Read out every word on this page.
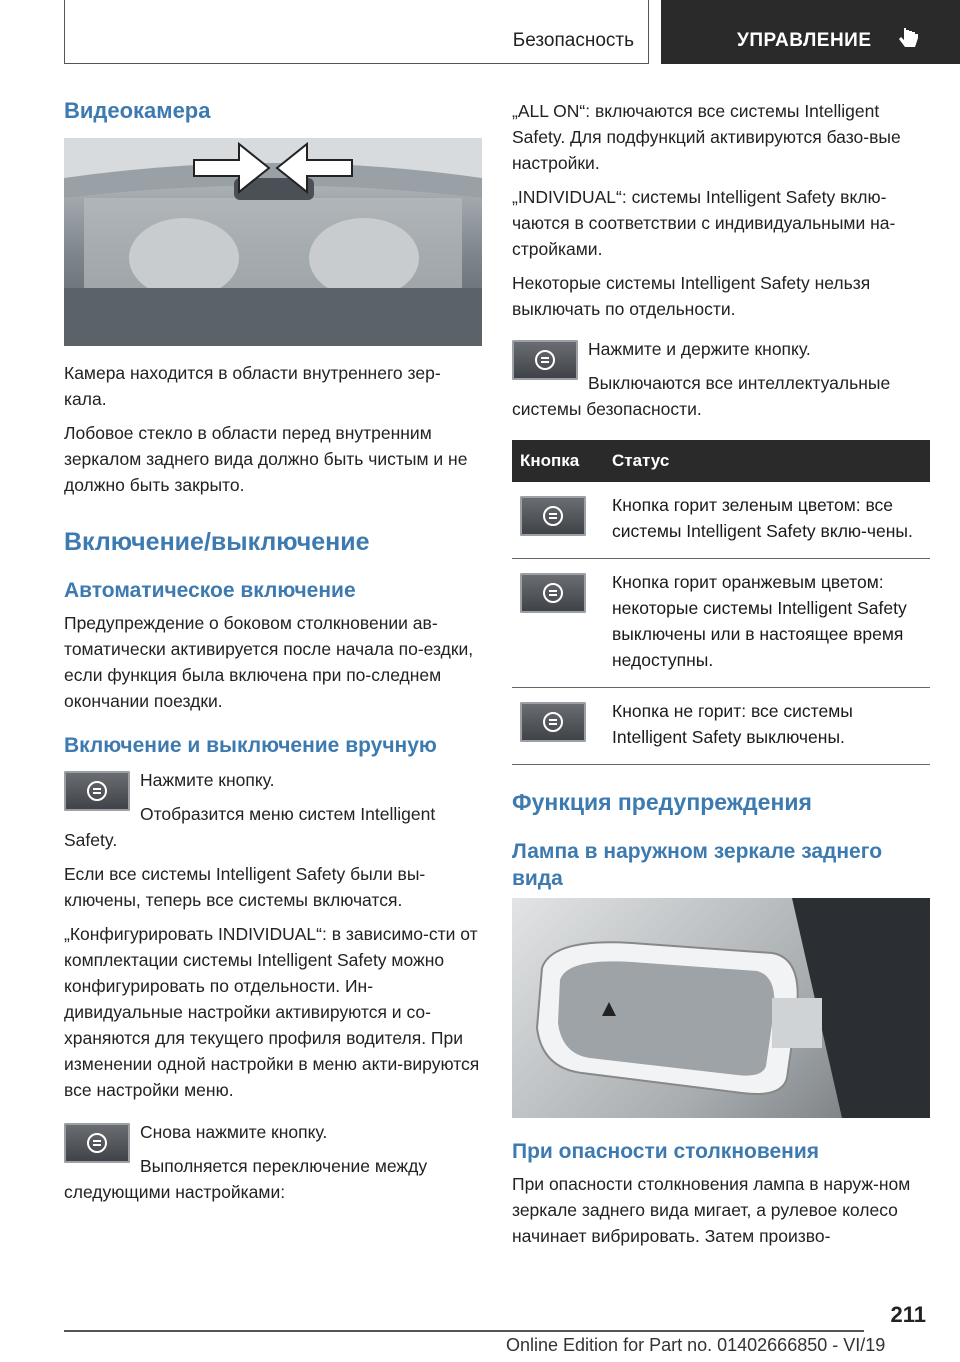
Безопасность	УПРАВЛЕНИЕ
Видеокамера

Камера находится в области внутреннего зер-кала.

Лобовое стекло в области перед внутренним зеркалом заднего вида должно быть чистым и не должно быть закрыто.

Включение/выключение
Автоматическое включение

Предупреждение о боковом столкновении ав-томатически активируется после начала по-ездки, если функция была включена при по-следнем окончании поездки.

Включение и выключение вручную

Нажмите кнопку.

Отобразится меню систем Intelligent Safety.

Если все системы Intelligent Safety были вы-ключены, теперь все системы включатся.

„Конфигурировать INDIVIDUAL“: в зависимо-сти от комплектации системы Intelligent Safety можно конфигурировать по отдельности. Ин-дивидуальные настройки активируются и со-храняются для текущего профиля водителя. При изменении одной настройки в меню акти-вируются все настройки меню.

Снова нажмите кнопку.

Выполняется переключение между следующими настройками:

„ALL ON“: включаются все системы Intelligent Safety. Для подфункций активируются базо-вые настройки.

„INDIVIDUAL“: системы Intelligent Safety вклю-чаются в соответствии с индивидуальными на-стройками.

Некоторые системы Intelligent Safety нельзя выключать по отдельности.

Нажмите и держите кнопку.

Выключаются все интеллектуальные системы безопасности.

Кнопка	Статус

	Кнопка горит зеленым цветом: все системы Intelligent Safety вклю-чены.

	Кнопка горит оранжевым цветом: некоторые системы Intelligent Safety выключены или в настоящее время недоступны.

	Кнопка не горит: все системы Intelligent Safety выключены.
Функция предупреждения
Лампа в наружном зеркале заднего вида
При опасности столкновения

При опасности столкновения лампа в наруж-ном зеркале заднего вида мигает, а рулевое колесо начинает вибрировать. Затем произво-

211
Online Edition for Part no. 01402666850 - VI/19
